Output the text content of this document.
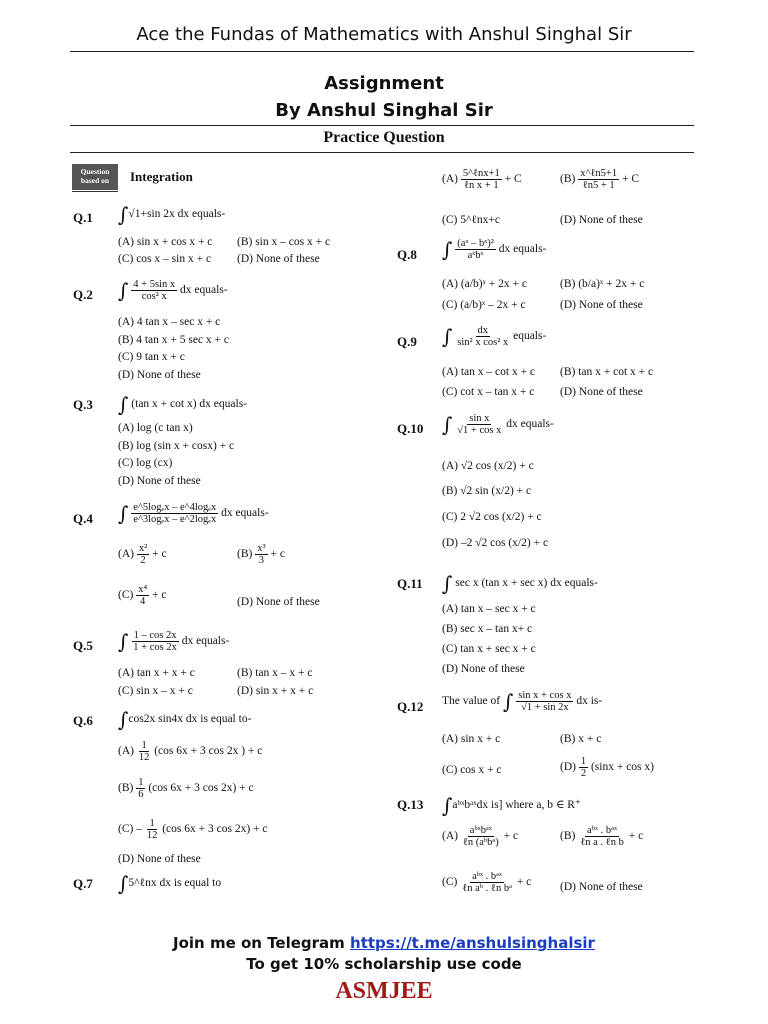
Ace the Fundas of Mathematics with Anshul Singhal Sir
Assignment
By Anshul Singhal Sir
Practice Question
Question based on	Integration
Q.1 ∫√1+sin 2x dx equals-
(A) sin x + cos x + c (B) sin x – cos x + c
(C) cos x – sin x + c (D) None of these
Q.2 ∫ $\frac{\text{4 + 5sin x}}{\text{cos² x}}$ dx equals-
(A) 4 tan x – sec x + c
(B) 4 tan x + 5 sec x + c
(C) 9 tan x + c
(D) None of these
Q.3 ∫ (tan x + cot x) dx equals-
(A) log (c tan x)
(B) log (sin x + cosx) + c
(C) log (cx)
(D) None of these
Q.4 ∫ $\frac{\text{e\textasciicircum{}5logₑx – e\textasciicircum{}4logₑx}}{\text{e\textasciicircum{}3logₑx – e\textasciicircum{}2logₑx}}$ dx equals-
$(A) \frac{\text{x²}}{2} + c$	$(B) \frac{\text{x³}}{3} + c$
$(C) \frac{\text{x⁴}}{4} + c$
(D) None of these
Q.5 ∫ $\frac{1 - \cos 2x}{1 + \cos 2x}$ dx equals-
(A) tan x + x + c	(B) tan x – x + c
(C) sin x – x + c	(D) sin x + x + c
Q.6 ∫cos2x sin4x dx is equal to-
$(A) \frac{1}{12} (\cos$ 6x + 3 cos 2x ) + c
$(B) \frac{1}{6} (\cos$ 6x + 3 cos 2x) + c
$(C) - \frac{1}{12} (\cos$ 6x + 3 cos 2x) + c
(D) None of these
Q.7 ∫5^ℓnx dx is equal to
$(A) \frac{\text{5\textasciicircum{}ℓnx+1}}{\text{ℓn x + 1}} + C$	$(B) \frac{\text{x\textasciicircum{}ℓn5+1}}{\text{ℓn5 + 1}} + C$
(C) 5^ℓnx+c	(D) None of these
Q.8 ∫ $\frac{\text{(aˣ – bˣ)²}}{\text{aˣbˣ}}$ dx equals-
(A) (a/b)ˣ + 2x + c	(B) (b/a)ˣ + 2x + c
(C) (a/b)ˣ – 2x + c	(D) None of these
Q.9 ∫ $\frac{dx}{\text{sin² x cos² x}}$ equals-
(A) tan x – cot x + c (B) tan x + cot x + c
(C) cot x – tan x + c (D) None of these
Q.10 ∫ $\frac{\text{sin x}}{\text{√1 + cos x}}$ dx equals-
(A) √2 cos (x/2) + c
(B) √2 sin (x/2) + c
(C) 2 √2 cos (x/2) + c
(D) –2 √2 cos (x/2) + c
Q.11 ∫ sec x (tan x + sec x) dx equals-
(A) tan x – sec x + c
(B) sec x – tan x+ c
(C) tan x + sec x + c
(D) None of these
Q.12 The value of ∫ $\frac{\text{sin x + cos x}}{√1 + \sin 2x}$ dx is-
(A) sin x + c	(B) x + c
(C) cos x + c	$(D) \frac{1}{2} (\sin x + \cos x)$
Q.13 ∫aᵇˣbᵃˣdx is] where a, b ∈ R⁺
$(A) \frac{\text{aᵇˣbᵃˣ}}{\text{ℓn (aᵇbᵃ)}} + c$	$(B) \frac{\text{aᵇˣ . bᵃˣ}}{\text{ℓn a . ℓn b}} + c$
$(C) \frac{\text{aᵇˣ . bᵃˣ}}{\text{ℓn aᵇ . ℓn bᵃ}} + c$ (D) None of these
Join me on Telegram https://t.me/anshulsinghalsir
To get 10% scholarship use code
ASMJEE
